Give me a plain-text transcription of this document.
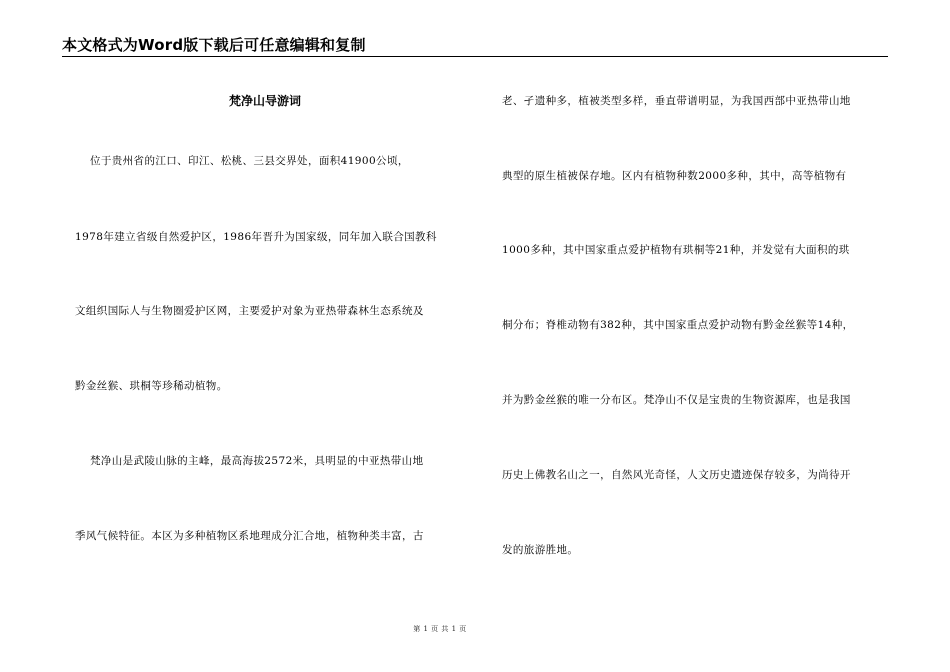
本文格式为Word版下载后可任意编辑和复制
梵净山导游词
位于贵州省的江口、印江、松桃、三县交界处，面积41900公顷，
1978年建立省级自然爱护区，1986年晋升为国家级，同年加入联合国教科
文组织国际人与生物圈爱护区网，主要爱护对象为亚热带森林生态系统及
黔金丝猴、珙桐等珍稀动植物。
梵净山是武陵山脉的主峰，最高海拔2572米，具明显的中亚热带山地
季风气候特征。本区为多种植物区系地理成分汇合地，植物种类丰富，古
老、孑遗种多，植被类型多样，垂直带谱明显，为我国西部中亚热带山地
典型的原生植被保存地。区内有植物种数2000多种，其中，高等植物有
1000多种，其中国家重点爱护植物有珙桐等21种，并发觉有大面积的珙
桐分布；脊椎动物有382种，其中国家重点爱护动物有黔金丝猴等14种，
并为黔金丝猴的唯一分布区。梵净山不仅是宝贵的生物资源库，也是我国
历史上佛教名山之一，自然风光奇怪，人文历史遗迹保存较多，为尚待开
发的旅游胜地。
第 1 页 共 1 页
